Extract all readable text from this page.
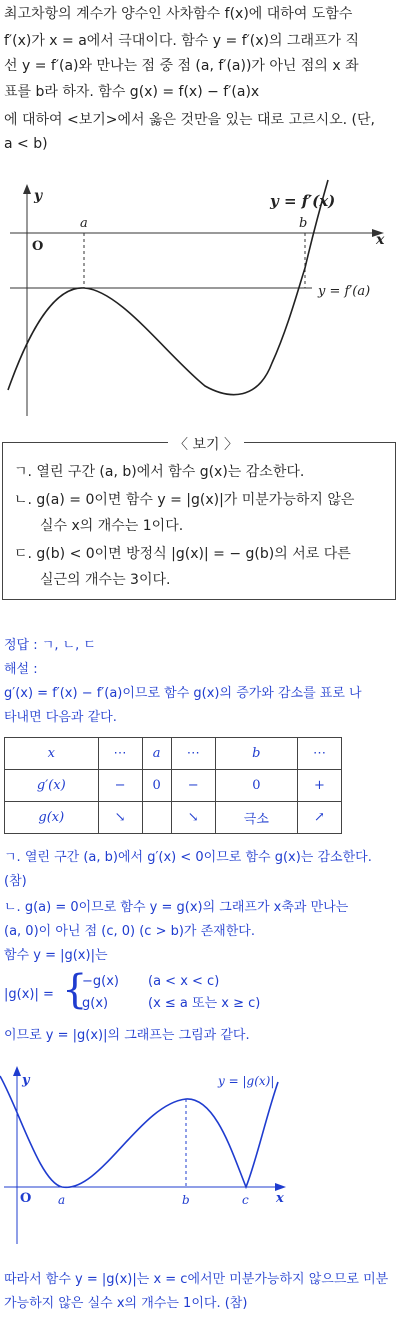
최고차항의 계수가 양수인 사차함수 f(x)에 대하여 도함수
f′(x)가 x = a에서 극대이다. 함수 y = f′(x)의 그래프가 직
선 y = f′(a)와 만나는 점 중 점 (a, f′(a))가 아닌 점의 x 좌
표를 b라 하자. 함수 g(x) = f(x) − f′(a)x
에 대하여 <보기>에서 옳은 것만을 있는 대로 고르시오. (단,
a < b)
y
x
O
a	b
y = f′(x)
y = f′(a)
〈 보기 〉
ㄱ. 열린 구간 (a, b)에서 함수 g(x)는 감소한다.
ㄴ. g(a) = 0이면 함수 y = |g(x)|가 미분가능하지 않은
실수 x의 개수는 1이다.
ㄷ. g(b) < 0이면 방정식 |g(x)| = − g(b)의 서로 다른
실근의 개수는 3이다.
정답 : ㄱ, ㄴ, ㄷ
해설 :
g′(x) = f′(x) − f′(a)이므로 함수 g(x)의 증가와 감소를 표로 나
타내면 다음과 같다.
x	⋯	a	⋯	b	⋯
g′(x)	−	0	−	0	+
g(x)	↘		↘	극소	↗
ㄱ. 열린 구간 (a, b)에서 g′(x) < 0이므로 함수 g(x)는 감소한다.
(참)
ㄴ. g(a) = 0이므로 함수 y = g(x)의 그래프가 x축과 만나는
(a, 0)이 아닌 점 (c, 0) (c > b)가 존재한다.
함수 y = |g(x)|는
|g(x)| = {
−g(x) (a < x < c)
g(x)	(x ≤ a 또는 x ≥ c)
이므로 y = |g(x)|의 그래프는 그림과 같다.
y
x
O a	b	c
y = |g(x)|
따라서 함수 y = |g(x)|는 x = c에서만 미분가능하지 않으므로 미분
가능하지 않은 실수 x의 개수는 1이다. (참)
